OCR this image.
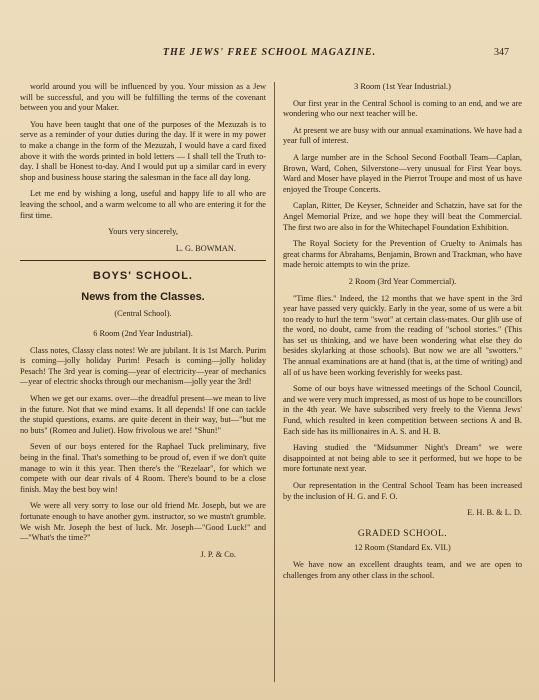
THE JEWS' FREE SCHOOL MAGAZINE.	347

world around you will be influenced by you. Your mission as a Jew will be successful, and you will be fulfilling the terms of the covenant between you and your Maker.

You have been taught that one of the purposes of the Mezuzah is to serve as a reminder of your duties during the day. If it were in my power to make a change in the form of the Mezuzah, I would have a card fixed above it with the words printed in bold letters — I shall tell the Truth to-day. I shall be Honest to-day. And I would put up a similar card in every shop and business house staring the salesman in the face all day long.

Let me end by wishing a long, useful and happy life to all who are leaving the school, and a warm welcome to all who are entering it for the first time.

Yours very sincerely,

L. G. BOWMAN.

BOYS' SCHOOL.
News from the Classes.
(Central School).

6 Room (2nd Year Industrial).

Class notes, Classy class notes! We are jubilant. It is 1st March. Purim is coming—jolly holiday Purim! Pesach is coming—jolly holiday Pesach! The 3rd year is coming—year of electricity—year of mechanics—year of electric shocks through our mechanism—jolly year the 3rd!

When we get our exams. over—the dreadful present—we mean to live in the future. Not that we mind exams. It all depends! If one can tackle the stupid questions, exams. are quite decent in their way, but—"but me no buts" (Romeo and Juliet). How frivolous we are! "Shun!"

Seven of our boys entered for the Raphael Tuck preliminary, five being in the final. That's something to be proud of, even if we don't quite manage to win it this year. Then there's the "Rezelaar", for which we compete with our dear rivals of 4 Room. There's bound to be a close finish. May the best boy win!

We were all very sorry to lose our old friend Mr. Joseph, but we are fortunate enough to have another gym. instructor, so we mustn't grumble. We wish Mr. Joseph the best of luck. Mr. Joseph—"Good Luck!" and—"What's the time?"

J. P. & Co.

3 Room (1st Year Industrial.)

Our first year in the Central School is coming to an end, and we are wondering who our next teacher will be.

At present we are busy with our annual examinations. We have had a year full of interest.

A large number are in the School Second Football Team—Caplan, Brown, Ward, Cohen, Silverstone—very unusual for First Year boys. Ward and Moser have played in the Pierrot Troupe and most of us have enjoyed the Troupe Concerts.

Caplan, Ritter, De Keyser, Schneider and Schatzin, have sat for the Angel Memorial Prize, and we hope they will beat the Commercial. The first two are also in for the Whitechapel Foundation Exhibition.

The Royal Society for the Prevention of Cruelty to Animals has great charms for Abrahams, Benjamin, Brown and Trackman, who have made heroic attempts to win the prize.

2 Room (3rd Year Commercial).

"Time flies." Indeed, the 12 months that we have spent in the 3rd year have passed very quickly. Early in the year, some of us were a bit too ready to hurl the term "swot" at certain class-mates. Our glib use of the word, no doubt, came from the reading of "school stories." (This has set us thinking, and we have been wondering what else they do besides skylarking at those schools). But now we are all "swotters." The annual examinations are at hand (that is, at the time of writing) and all of us have been working feverishly for weeks past.

Some of our boys have witnessed meetings of the School Council, and we were very much impressed, as most of us hope to be councillors in the 4th year. We have subscribed very freely to the Vienna Jews' Fund, which resulted in keen competition between sections A and B. Each side has its millionaires in A. S. and H. B.

Having studied the "Midsummer Night's Dream" we were disappointed at not being able to see it performed, but we hope to be more fortunate next year.

Our representation in the Central School Team has been increased by the inclusion of H. G. and F. O.

E. H. B. & L. D.

GRADED SCHOOL.

12 Room (Standard Ex. VII.)

We have now an excellent draughts team, and we are open to challenges from any other class in the school.
